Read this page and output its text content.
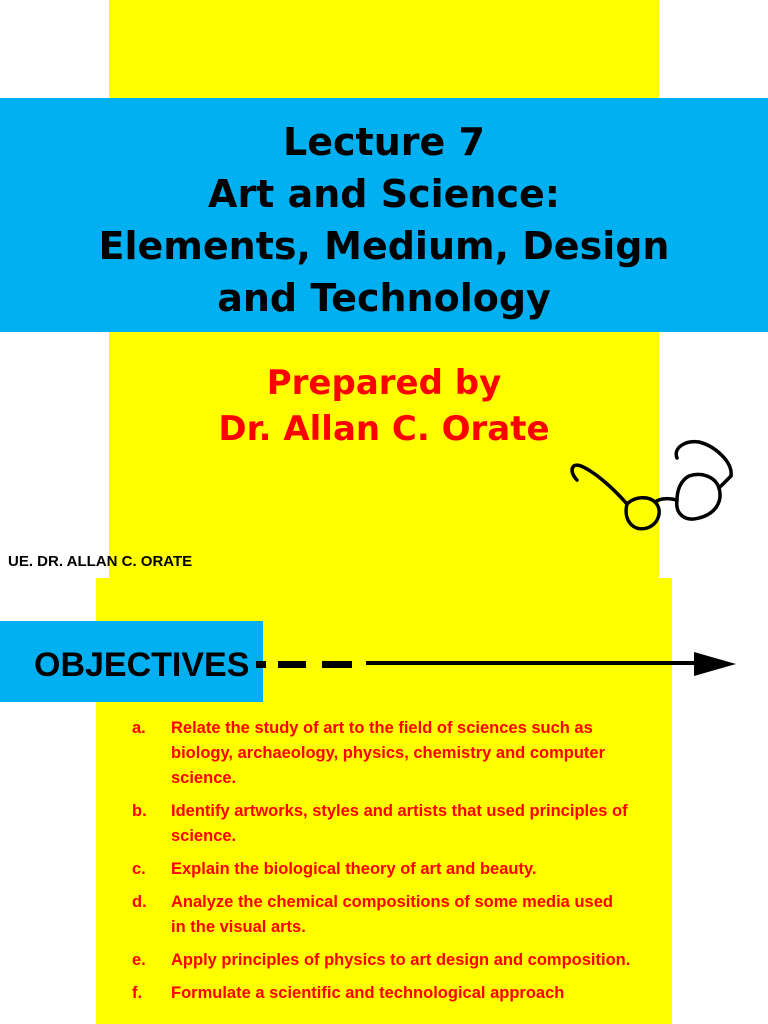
Lecture 7
Art and Science:
Elements, Medium, Design
and Technology
Prepared by
Dr. Allan C. Orate
UE. DR. ALLAN C. ORATE
OBJECTIVES
a.	Relate the study of art to the field of sciences such as biology, archaeology, physics, chemistry and computer science.
b.	Identify artworks, styles and artists that used principles of science.
c.	Explain the biological theory of art and beauty.
d.	Analyze the chemical compositions of some media used in the visual arts.
e.	Apply principles of physics to art design and composition.
f.	Formulate a scientific and technological approach
